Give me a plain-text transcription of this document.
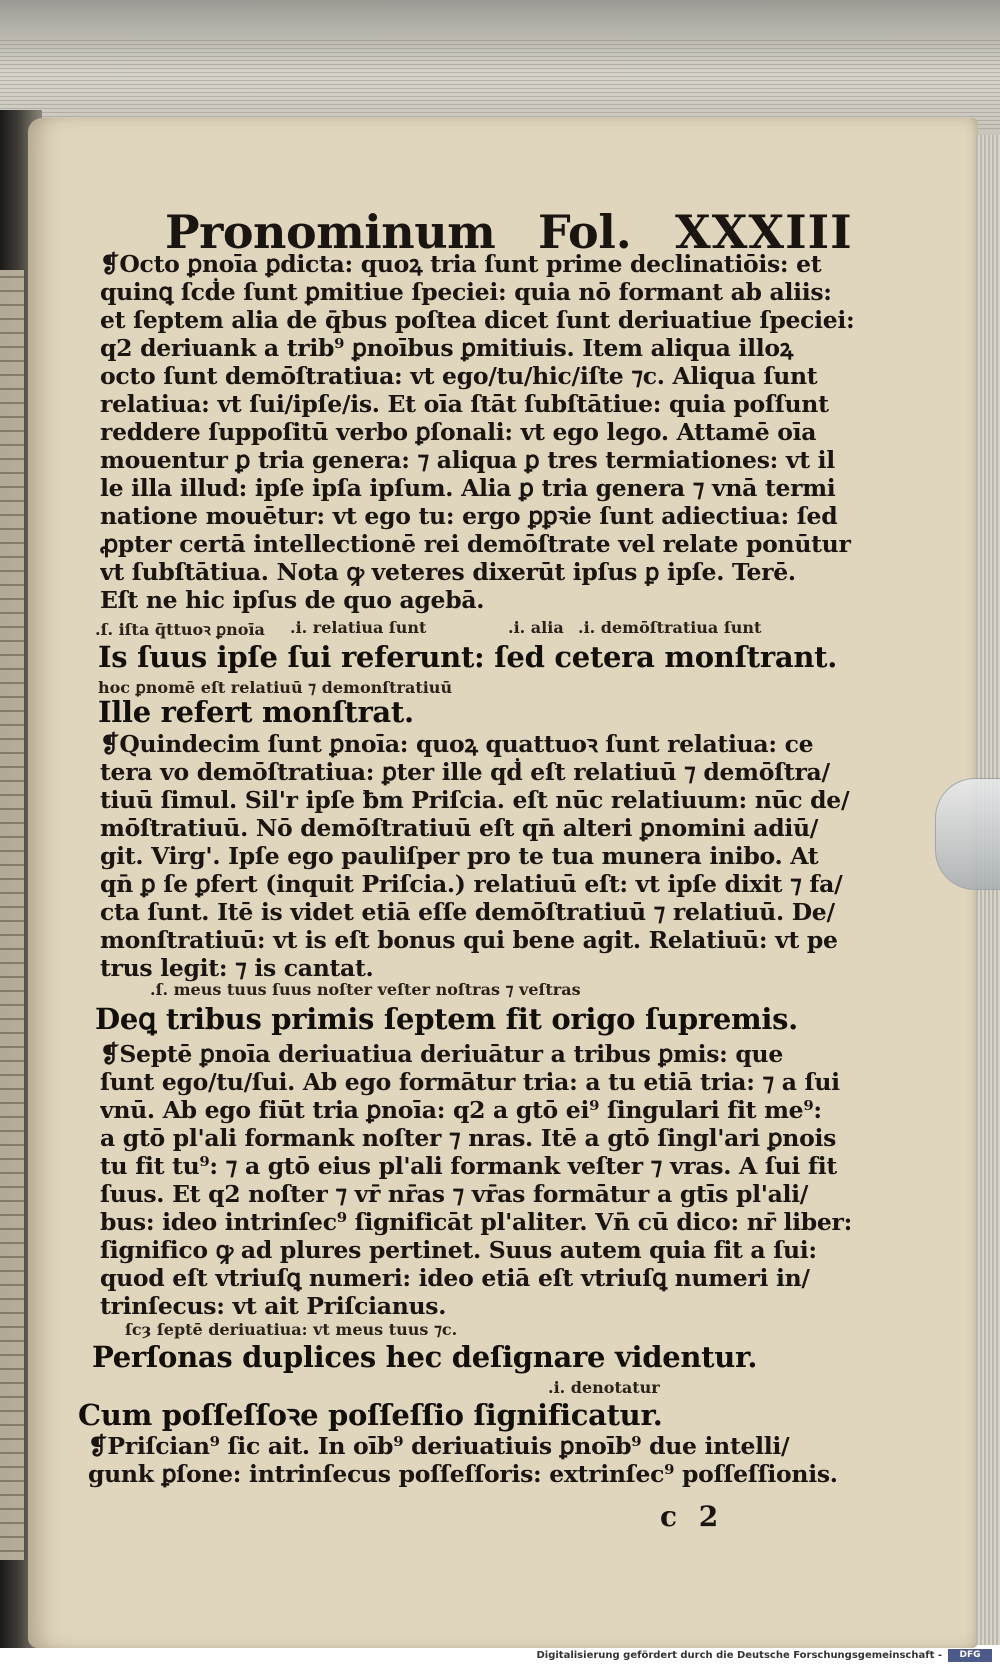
Pronominum Fol. XXXIII
❡Octo ꝑnoīa ꝑdicta: quoꝝ tria ſunt prime declinatiōis: et
quinꝗ ſcḋe ſunt ꝑmitiue ſpeciei: quia nō formant ab aliis:
et ſeptem alia de q̄bus poſtea dicet ſunt deriuatiue ſpeciei:
q2 deriuank a trib⁹ ꝑnoībus ꝑmitiuis. Item aliqua illoꝝ
octo ſunt demōſtratiua: vt ego/tu/hic/iſte ⁊c. Aliqua ſunt
relatiua: vt ſui/ipſe/is. Et oīa ſtāt ſubſtātiue: quia poſſunt
reddere ſuppoſitū verbo ꝑſonali: vt ego lego. Attamē oīa
mouentur ꝑ tria genera: ⁊ aliqua ꝑ tres termiationes: vt il
le illa illud: ipſe ipſa ipſum. Alia ꝑ tria genera ⁊ vnā termi
natione mouētur: vt ego tu: ergo ꝑꝑꝛie ſunt adiectiua: ſed
ꝓpter certā intellectionē rei demōſtrate vel relate ponūtur
vt ſubſtātiua. Nota ꝙ veteres dixerūt ipſus ꝑ ipſe. Terē.
Eſt ne hic ipſus de quo agebā.
.ſ. iſta q̄ttuoꝛ ꝑnoīa .i. relatiua ſunt	.i. alia .i. demōſtratiua ſunt
Is ſuus ipſe ſui referunt: ſed cetera monſtrant.
hoc ꝑnomē eſt relatiuū ⁊ demonſtratiuū
Ille refert monſtrat.
❡Quindecim ſunt ꝑnoīa: quoꝝ quattuoꝛ ſunt relatiua: ce
tera vo demōſtratiua: ꝑter ille qḋ eſt relatiuū ⁊ demōſtra/
tiuū ſimul. Sil'r ipſe ƀm Priſcia. eſt nūc relatiuum: nūc de/
mōſtratiuū. Nō demōſtratiuū eſt qn̄ alteri ꝑnomini adiū/
git. Virg'. Ipſe ego pauliſper pro te tua munera inibo. At
qn̄ ꝑ ſe ꝑfert (inquit Priſcia.) relatiuū eſt: vt ipſe dixit ⁊ fa/
cta ſunt. Itē is videt etiā eſſe demōſtratiuū ⁊ relatiuū. De/
monſtratiuū: vt is eſt bonus qui bene agit. Relatiuū: vt pe
trus legit: ⁊ is cantat.
.ſ. meus tuus ſuus noſter veſter noſtras ⁊ veſtras
Deꝗ tribus primis ſeptem fit origo ſupremis.
❡Septē ꝑnoīa deriuatiua deriuātur a tribus ꝑmis: que
ſunt ego/tu/ſui. Ab ego formātur tria: a tu etiā tria: ⁊ a ſui
vnū. Ab ego fiūt tria ꝑnoīa: q2 a gtō ei⁹ ſingulari fit me⁹:
a gtō pl'ali formank noſter ⁊ nras. Itē a gtō ſingl'ari ꝑnois
tu fit tu⁹: ⁊ a gtō eius pl'ali formank veſter ⁊ vras. A ſui fit
ſuus. Et q2 noſter ⁊ vr̄ nr̄as ⁊ vr̄as formātur a gtīs pl'ali/
bus: ideo intrinſec⁹ ſignificāt pl'aliter. Vn̄ cū dico: nr̄ liber:
ſignifico ꝙ ad plures pertinet. Suus autem quia fit a ſui:
quod eſt vtriuſꝗ numeri: ideo etiā eſt vtriuſꝗ numeri in/
trinſecus: vt ait Priſcianus.
ſcȝ ſeptē deriuatiua: vt meus tuus ⁊c.
Perſonas duplices hec deſignare videntur.
.i. denotatur
Cum poſſeſſoꝛe poſſeſſio ſignificatur.
❡Priſcian⁹ ſic ait. In oīb⁹ deriuatiuis ꝑnoīb⁹ due intelli/
gunk ꝑſone: intrinſecus poſſeſſoris: extrinſec⁹ poſſeſſionis.
c 2
Digitalisierung gefördert durch die Deutsche Forschungsgemeinschaft -	DFG
